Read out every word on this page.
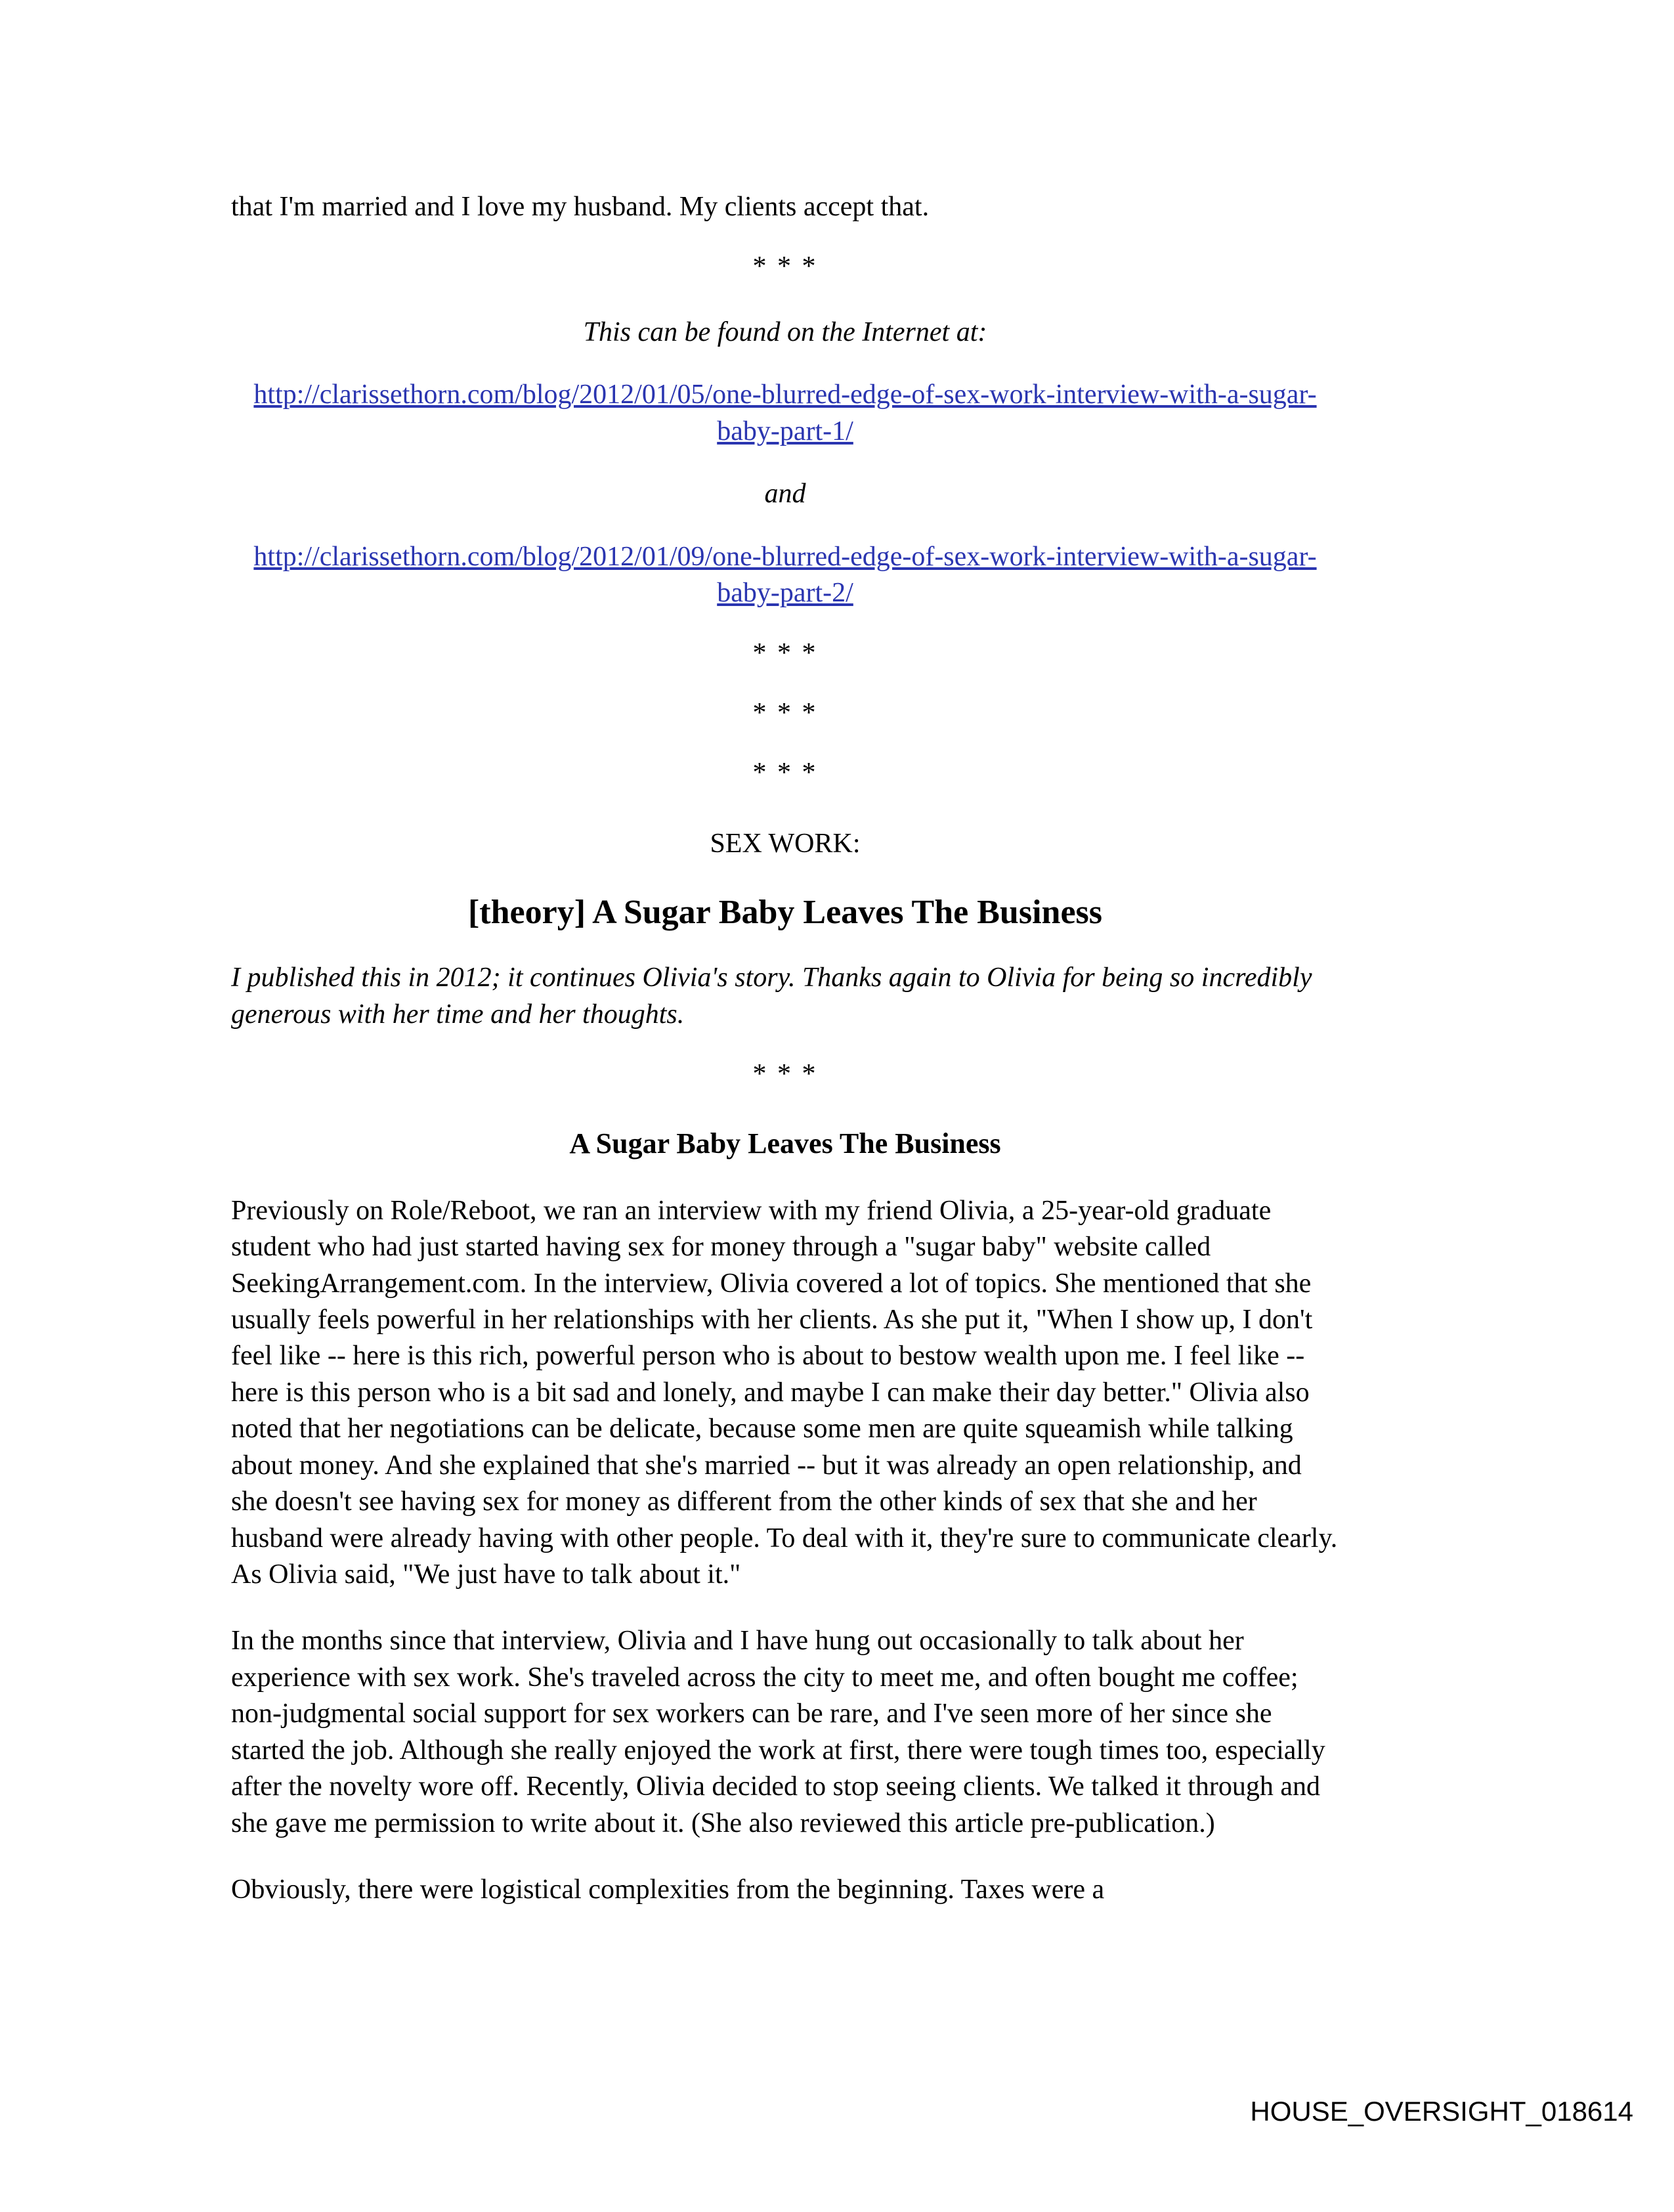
that I'm married and I love my husband. My clients accept that.
* * *
This can be found on the Internet at:
http://clarissethorn.com/blog/2012/01/05/one-blurred-edge-of-sex-work-interview-with-a-sugar-baby-part-1/
and
http://clarissethorn.com/blog/2012/01/09/one-blurred-edge-of-sex-work-interview-with-a-sugar-baby-part-2/
* * *
* * *
* * *
SEX WORK:
[theory] A Sugar Baby Leaves The Business
I published this in 2012; it continues Olivia's story. Thanks again to Olivia for being so incredibly generous with her time and her thoughts.
* * *
A Sugar Baby Leaves The Business

Previously on Role/Reboot, we ran an interview with my friend Olivia, a 25-year-old graduate student who had just started having sex for money through a "sugar baby" website called SeekingArrangement.com. In the interview, Olivia covered a lot of topics. She mentioned that she usually feels powerful in her relationships with her clients. As she put it, "When I show up, I don't feel like -- here is this rich, powerful person who is about to bestow wealth upon me. I feel like -- here is this person who is a bit sad and lonely, and maybe I can make their day better." Olivia also noted that her negotiations can be delicate, because some men are quite squeamish while talking about money. And she explained that she's married -- but it was already an open relationship, and she doesn't see having sex for money as different from the other kinds of sex that she and her husband were already having with other people. To deal with it, they're sure to communicate clearly. As Olivia said, "We just have to talk about it."

In the months since that interview, Olivia and I have hung out occasionally to talk about her experience with sex work. She's traveled across the city to meet me, and often bought me coffee; non-judgmental social support for sex workers can be rare, and I've seen more of her since she started the job. Although she really enjoyed the work at first, there were tough times too, especially after the novelty wore off. Recently, Olivia decided to stop seeing clients. We talked it through and she gave me permission to write about it. (She also reviewed this article pre-publication.)

Obviously, there were logistical complexities from the beginning. Taxes were a

HOUSE_OVERSIGHT_018614
